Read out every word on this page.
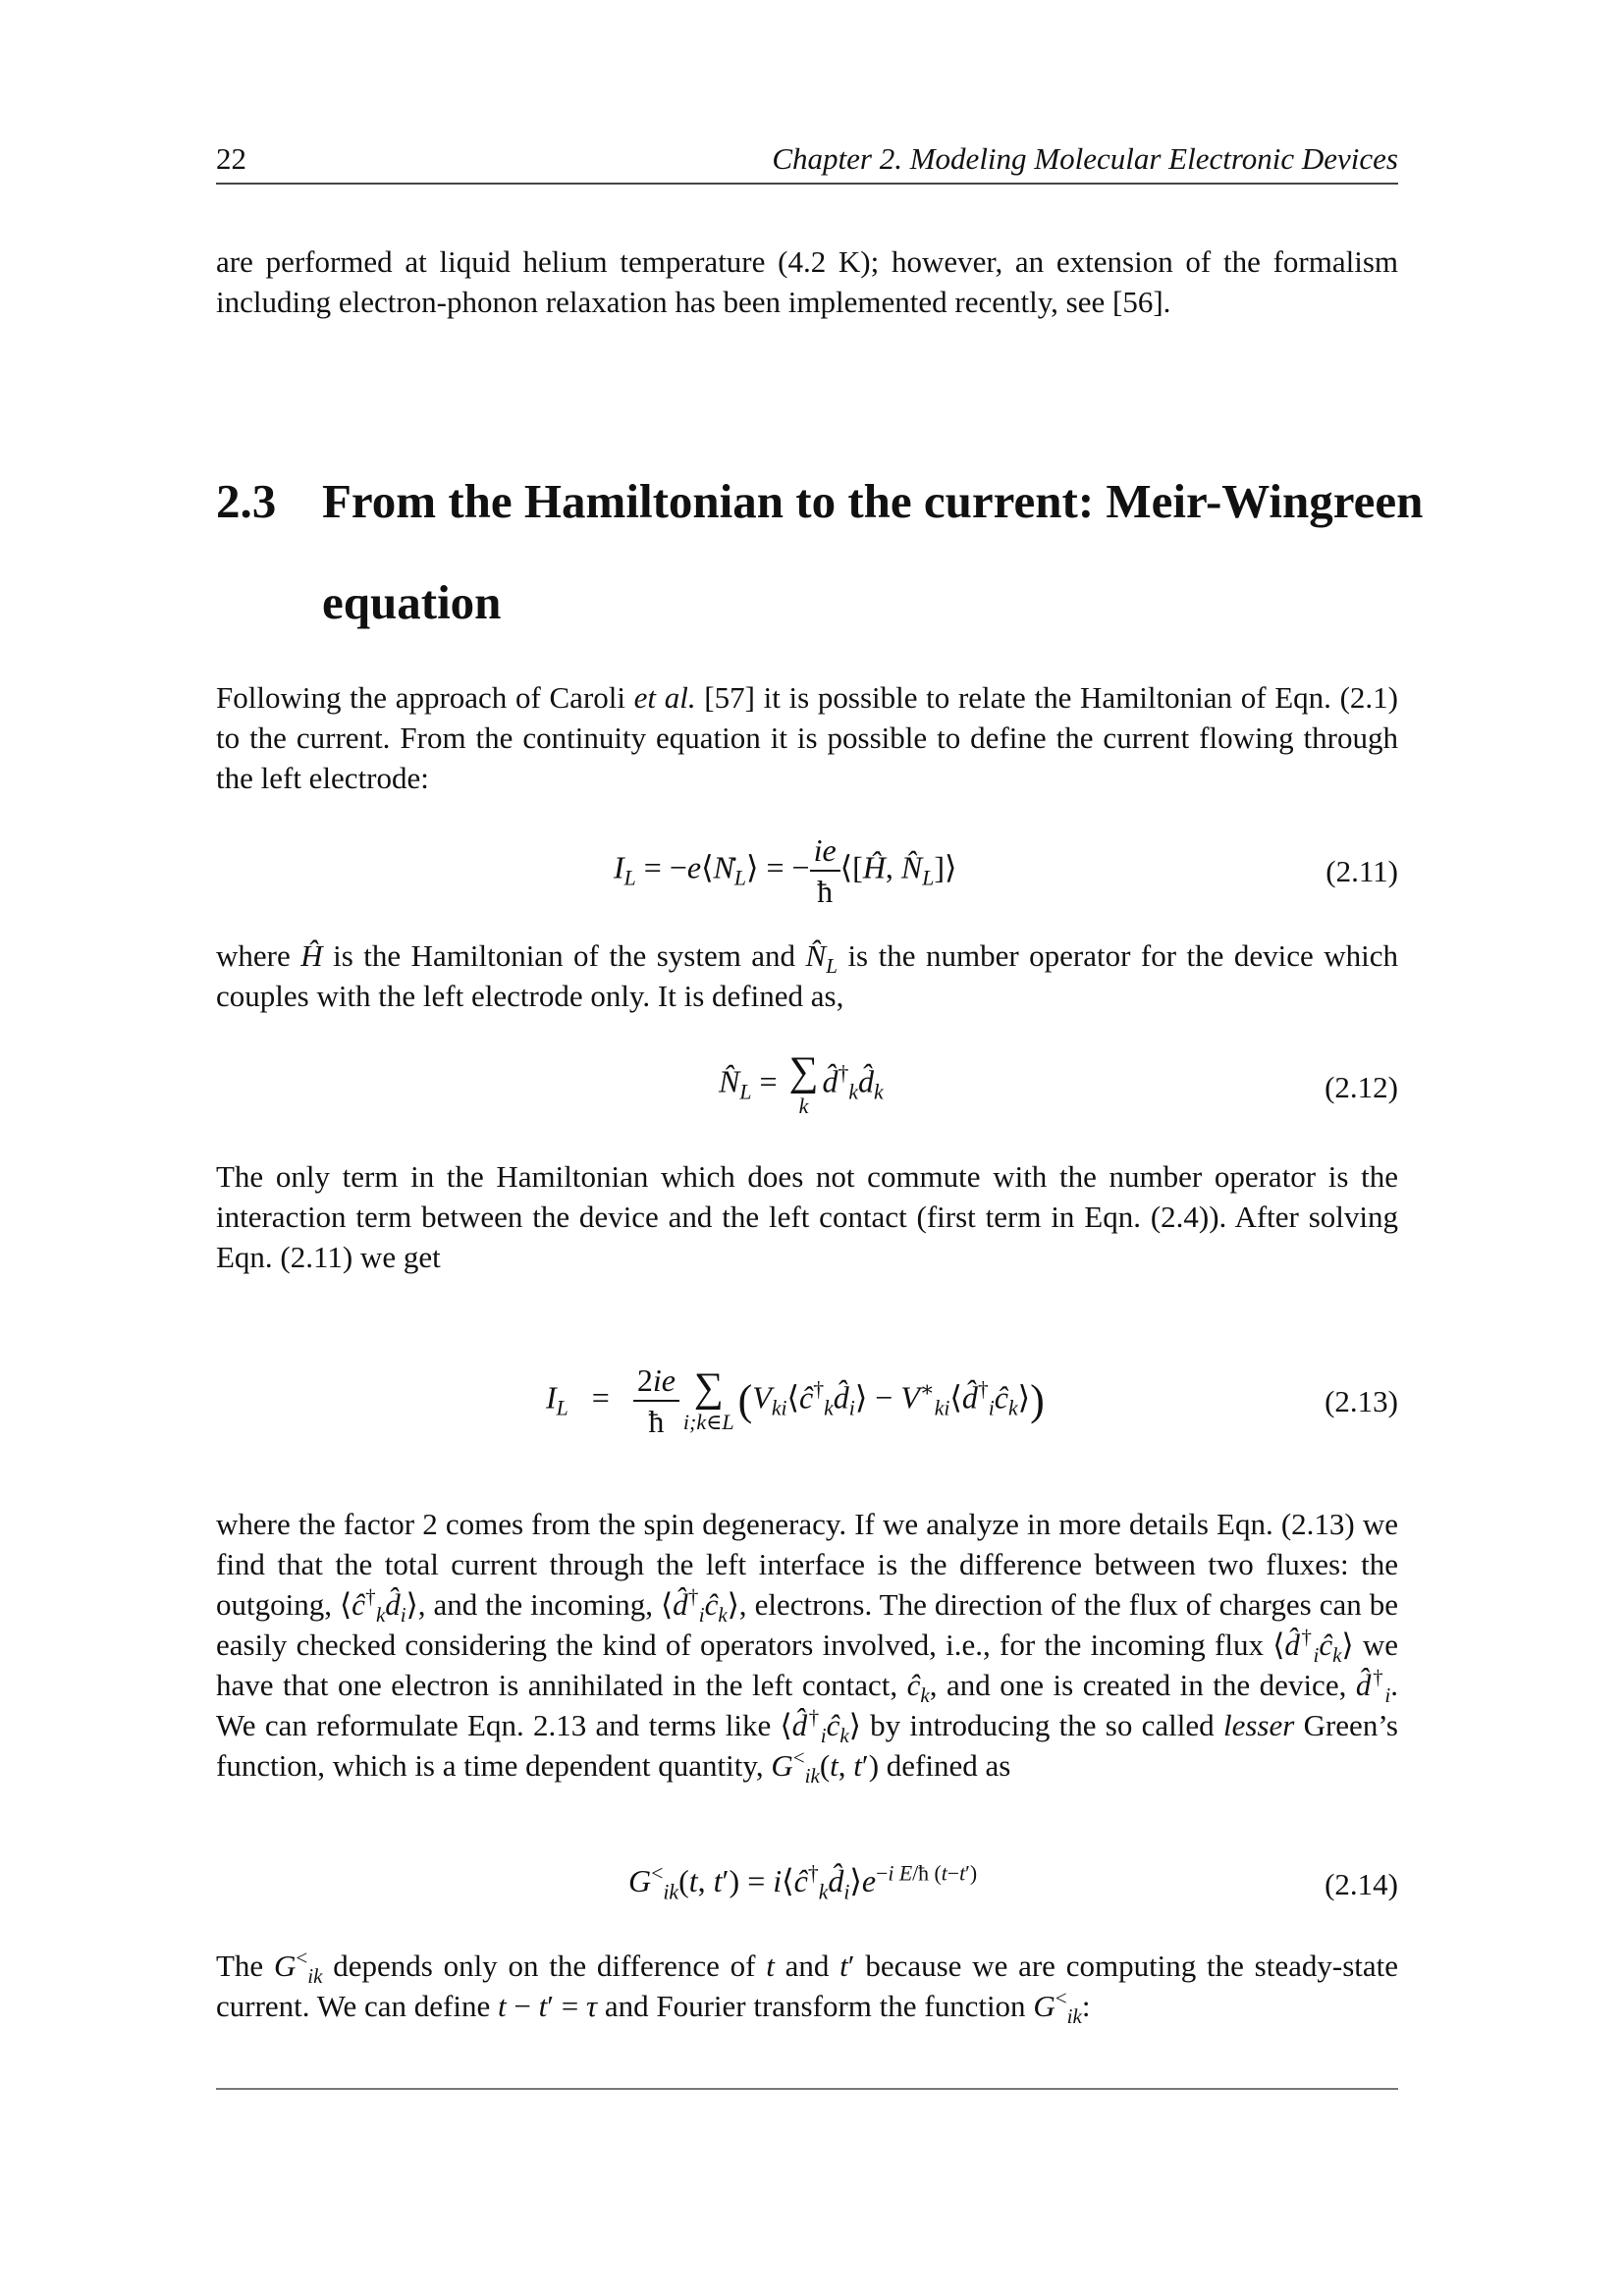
22	Chapter 2. Modeling Molecular Electronic Devices

are performed at liquid helium temperature (4.2 K); however, an extension of the formalism including electron-phonon relaxation has been implemented recently, see [56].

2.3 From the Hamiltonian to the current: Meir-Wingreen
equation

Following the approach of Caroli et al. [57] it is possible to relate the Hamiltonian of Eqn. (2.1) to the current. From the continuity equation it is possible to define the current flowing through the left electrode:

$I_L$ = $-e⟨N_L⟩$ = − $\frac{ie}{ħ}$ ⟨[Ĥ, $N̂_L]⟩$	(2.11)

where Ĥ is the Hamiltonian of the system and $N̂_L$ is the number operator for the device which couples with the left electrode only. It is defined as,

$N̂_L$ = ∑
k
$d̂^\dagger_kd̂_k$	(2.12)

The only term in the Hamiltonian which does not commute with the number operator is the interaction term between the device and the left contact (first term in Eqn. (2.4)). After solving Eqn. (2.11) we get

$I_L = \frac{2ie}{ħ}$ ∑
i;k∈L ($V_{ki}⟨ĉ^\dagger_kd̂_i⟩$ − $V^∗_{ki}⟨d̂^\dagger_iĉ_k⟩$)	(2.13)

where the factor 2 comes from the spin degeneracy. If we analyze in more details Eqn. (2.13) we find that the total current through the left interface is the difference between two fluxes: the outgoing, $⟨ĉ^\dagger_kd̂_i⟩$, and the incoming, $⟨d̂^\dagger_iĉ_k⟩$, electrons. The direction of the flux of charges can be easily checked considering the kind of operators involved, i.e., for the incoming flux $⟨d̂^\dagger_iĉ_k⟩$ we have that one electron is annihilated in the left contact, $ĉ_k$, and one is created in the device, $d̂^\dagger_i$. We can reformulate Eqn. 2.13 and terms like $⟨d̂^\dagger_iĉ_k⟩$ by introducing the so called lesser Green’s function, which is a time dependent quantity, $G^<_{ik}(t$, t′) defined as

$G^<_{ik}(t$, $t') = i⟨ĉ^\dagger_kd̂_i⟩e^{-i E/ħ (t-t')}$	(2.14)

The $G^<_{ik}$ depends only on the difference of t and t′ because we are computing the steady-state current. We can define t − t′ = τ and Fourier transform the function $G^<_{ik}$:
